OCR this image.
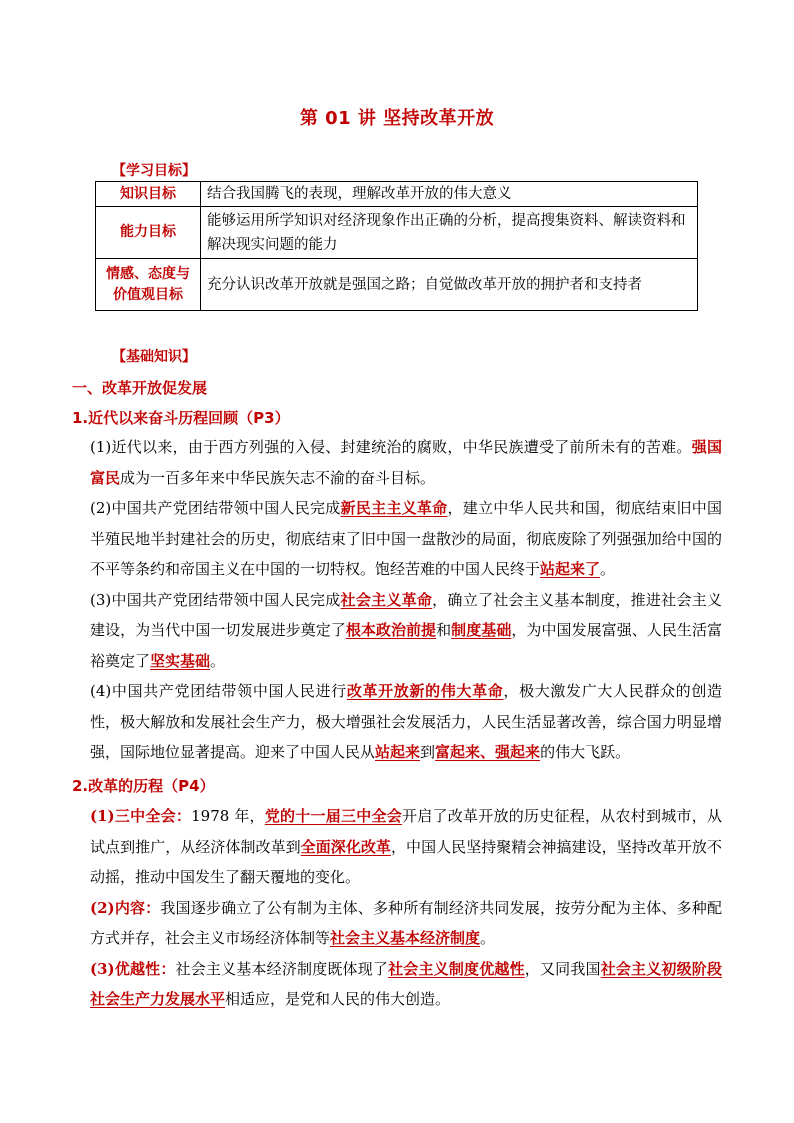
第 01 讲 坚持改革开放
【学习目标】
知识目标	结合我国腾飞的表现，理解改革开放的伟大意义
能力目标	能够运用所学知识对经济现象作出正确的分析，提高搜集资料、解读资料和解决现实问题的能力

情感、态度与
价值观目标	充分认识改革开放就是强国之路；自觉做改革开放的拥护者和支持者
【基础知识】
一、改革开放促发展
1.近代以来奋斗历程回顾（P3）

(1)近代以来，由于西方列强的入侵、封建统治的腐败，中华民族遭受了前所未有的苦难。强国富民成为一百多年来中华民族矢志不渝的奋斗目标。

(2)中国共产党团结带领中国人民完成新民主主义革命，建立中华人民共和国，彻底结束旧中国半殖民地半封建社会的历史，彻底结束了旧中国一盘散沙的局面，彻底废除了列强强加给中国的不平等条约和帝国主义在中国的一切特权。饱经苦难的中国人民终于站起来了。

(3)中国共产党团结带领中国人民完成社会主义革命，确立了社会主义基本制度，推进社会主义建设，为当代中国一切发展进步奠定了根本政治前提和制度基础，为中国发展富强、人民生活富裕奠定了坚实基础。

(4)中国共产党团结带领中国人民进行改革开放新的伟大革命，极大激发广大人民群众的创造性，极大解放和发展社会生产力，极大增强社会发展活力，人民生活显著改善，综合国力明显增强，国际地位显著提高。迎来了中国人民从站起来到富起来、强起来的伟大飞跃。

2.改革的历程（P4）

(1)三中全会：1978 年，党的十一届三中全会开启了改革开放的历史征程，从农村到城市，从试点到推广，从经济体制改革到全面深化改革，中国人民坚持聚精会神搞建设，坚持改革开放不动摇，推动中国发生了翻天覆地的变化。

(2)内容：我国逐步确立了公有制为主体、多种所有制经济共同发展，按劳分配为主体、多种配方式并存，社会主义市场经济体制等社会主义基本经济制度。

(3)优越性：社会主义基本经济制度既体现了社会主义制度优越性，又同我国社会主义初级阶段社会生产力发展水平相适应，是党和人民的伟大创造。
